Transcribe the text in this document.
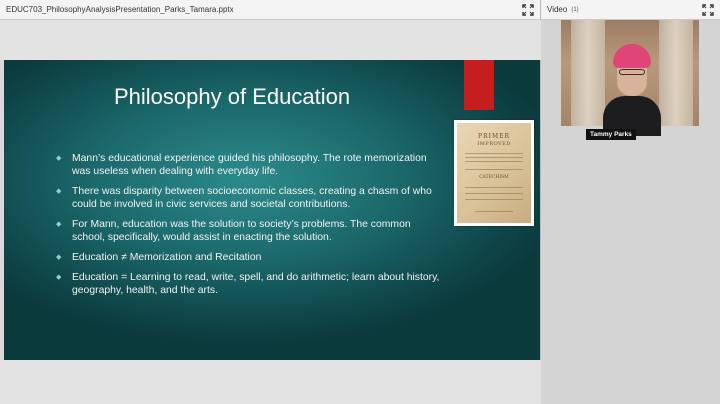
EDUC703_PhilosophyAnalysisPresentation_Parks_Tamara.pptx
Philosophy of Education
◆ Mann’s educational experience guided his philosophy. The rote memorization was useless when dealing with everyday life.
◆ There was disparity between socioeconomic classes, creating a chasm of who could be involved in civic services and societal contributions.
◆ For Mann, education was the solution to society’s problems. The common school, specifically, would assist in enacting the solution.
◆ Education ≠ Memorization and Recitation
◆ Education = Learning to read, write, spell, and do arithmetic; learn about history, geography, health, and the arts.
PRIMER
IMPROVED
CATECHISM
Video (1)
Tammy Parks
